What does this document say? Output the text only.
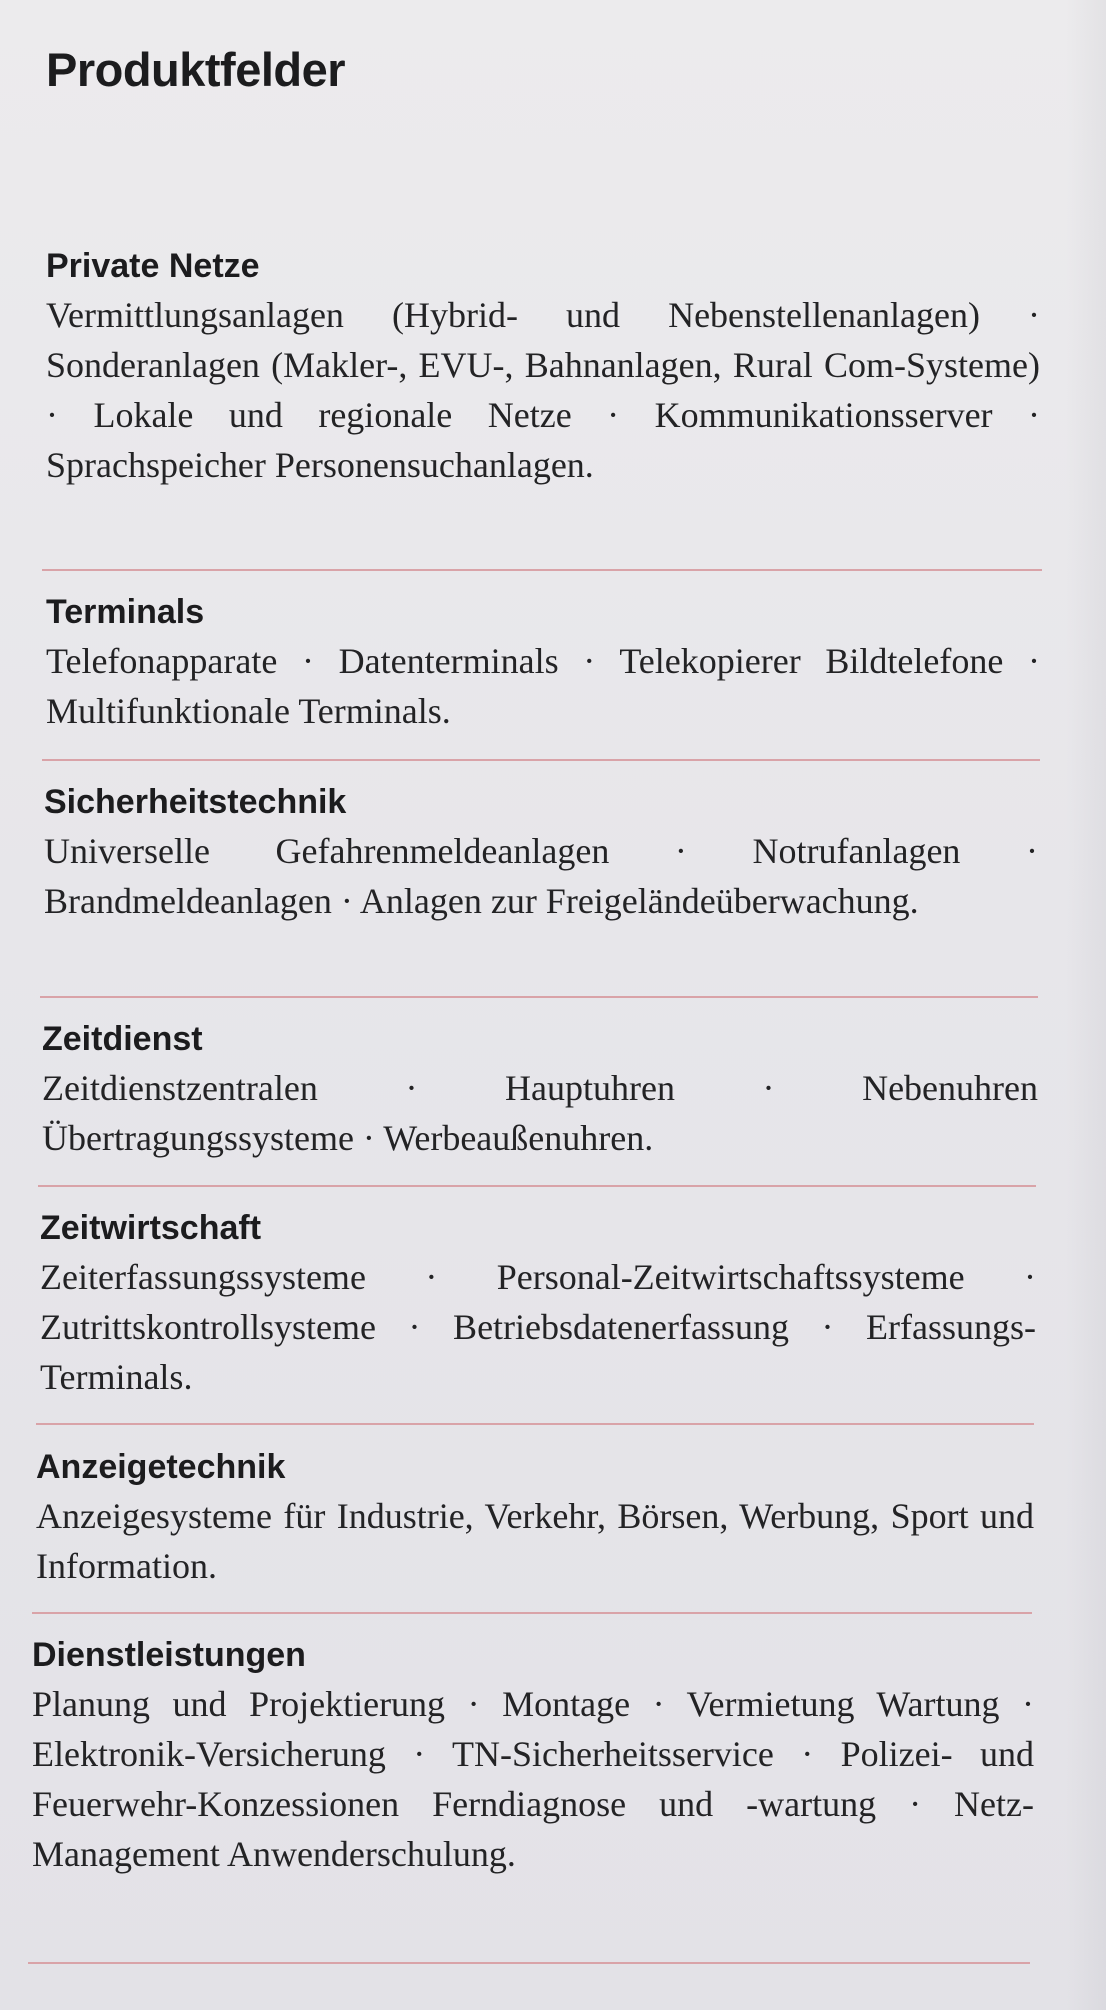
Produktfelder
Private Netze

Vermittlungsanlagen (Hybrid- und Nebenstellenanlagen) · Sonderanlagen (Makler-, EVU-, Bahnanlagen, Rural Com-Systeme) · Lokale und regionale Netze · Kommunikationsserver · Sprachspeicher Personensuchanlagen.

Terminals

Telefonapparate · Datenterminals · Telekopierer Bildtelefone · Multifunktionale Terminals.

Sicherheitstechnik

Universelle Gefahrenmeldeanlagen · Notrufanlagen · Brandmeldeanlagen · Anlagen zur Freigeländeüberwachung.

Zeitdienst

Zeitdienstzentralen · Hauptuhren · Nebenuhren Übertragungssysteme · Werbeaußenuhren.

Zeitwirtschaft

Zeiterfassungssysteme · Personal-Zeitwirtschaftssysteme · Zutrittskontrollsysteme · Betriebsdatenerfassung · Erfassungs-Terminals.

Anzeigetechnik

Anzeigesysteme für Industrie, Verkehr, Börsen, Werbung, Sport und Information.

Dienstleistungen

Planung und Projektierung · Montage · Vermietung Wartung · Elektronik-Versicherung · TN-Sicherheitsservice · Polizei- und Feuerwehr-Konzessionen Ferndiagnose und -wartung · Netz-Management Anwenderschulung.
